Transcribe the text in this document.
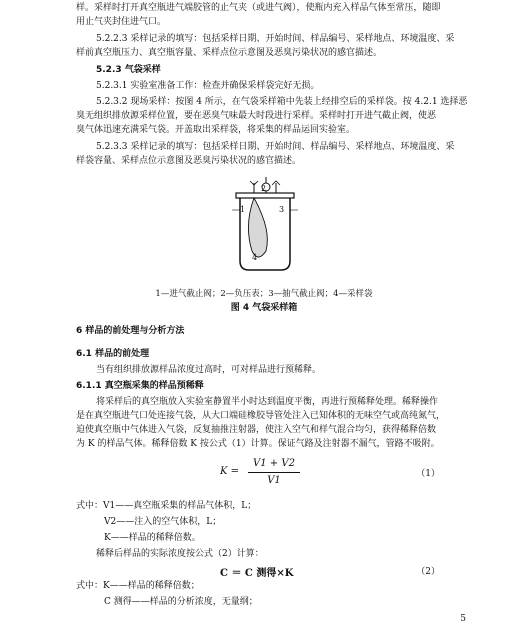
样。采样时打开真空瓶进气端胶管的止气夹（或进气阀），使瓶内充入样品气体至常压，随即
用止气夹封住进气口。
5.2.2.3 采样记录的填写：包括采样日期、开始时间、样品编号、采样地点、环境温度、采
样前真空瓶压力、真空瓶容量、采样点位示意图及恶臭污染状况的感官描述。
5.2.3 气袋采样
5.2.3.1 实验室准备工作：检查并确保采样袋完好无损。
5.2.3.2 现场采样：按图 4 所示，在气袋采样箱中先装上经排空后的采样袋。按 4.2.1 选择恶
臭无组织排放源采样位置，要在恶臭气味最大时段进行采样。采样时打开进气截止阀，使恶
臭气体迅速充满采气袋。开盖取出采样袋，将采集的样品运回实验室。
5.2.3.3 采样记录的填写：包括采样日期、开始时间、样品编号、采样地点、环境温度、采
样袋容量、采样点位示意图及恶臭污染状况的感官描述。
1
2
3
4
1—进气截止阀；2—负压表；3—抽气截止阀；4—采样袋
图 4 气袋采样箱
6 样品的前处理与分析方法
6.1 样品的前处理
当有组织排放源样品浓度过高时，可对样品进行预稀释。
6.1.1 真空瓶采集的样品预稀释
将采样后的真空瓶放入实验室静置半小时达到温度平衡，再进行预稀释处理。稀释操作
是在真空瓶进气口处连接气袋，从大口端硅橡胶导管处注入已知体积的无味空气或高纯氮气，
迫使真空瓶中气体进入气袋，反复抽推注射器，使注入空气和样气混合均匀，获得稀释倍数
为 K 的样品气体。稀释倍数 K 按公式（1）计算。保证气路及注射器不漏气，管路不吸附。
K =
V1 + V2
V1
（1）
式中：V1——真空瓶采集的样品气体积，L；
V2——注入的空气体积，L；
K——样品的稀释倍数。
稀释后样品的实际浓度按公式（2）计算：
C ＝ C 测得×K	（2）
式中：K——样品的稀释倍数；
C 测得——样品的分析浓度，无量纲；
5
